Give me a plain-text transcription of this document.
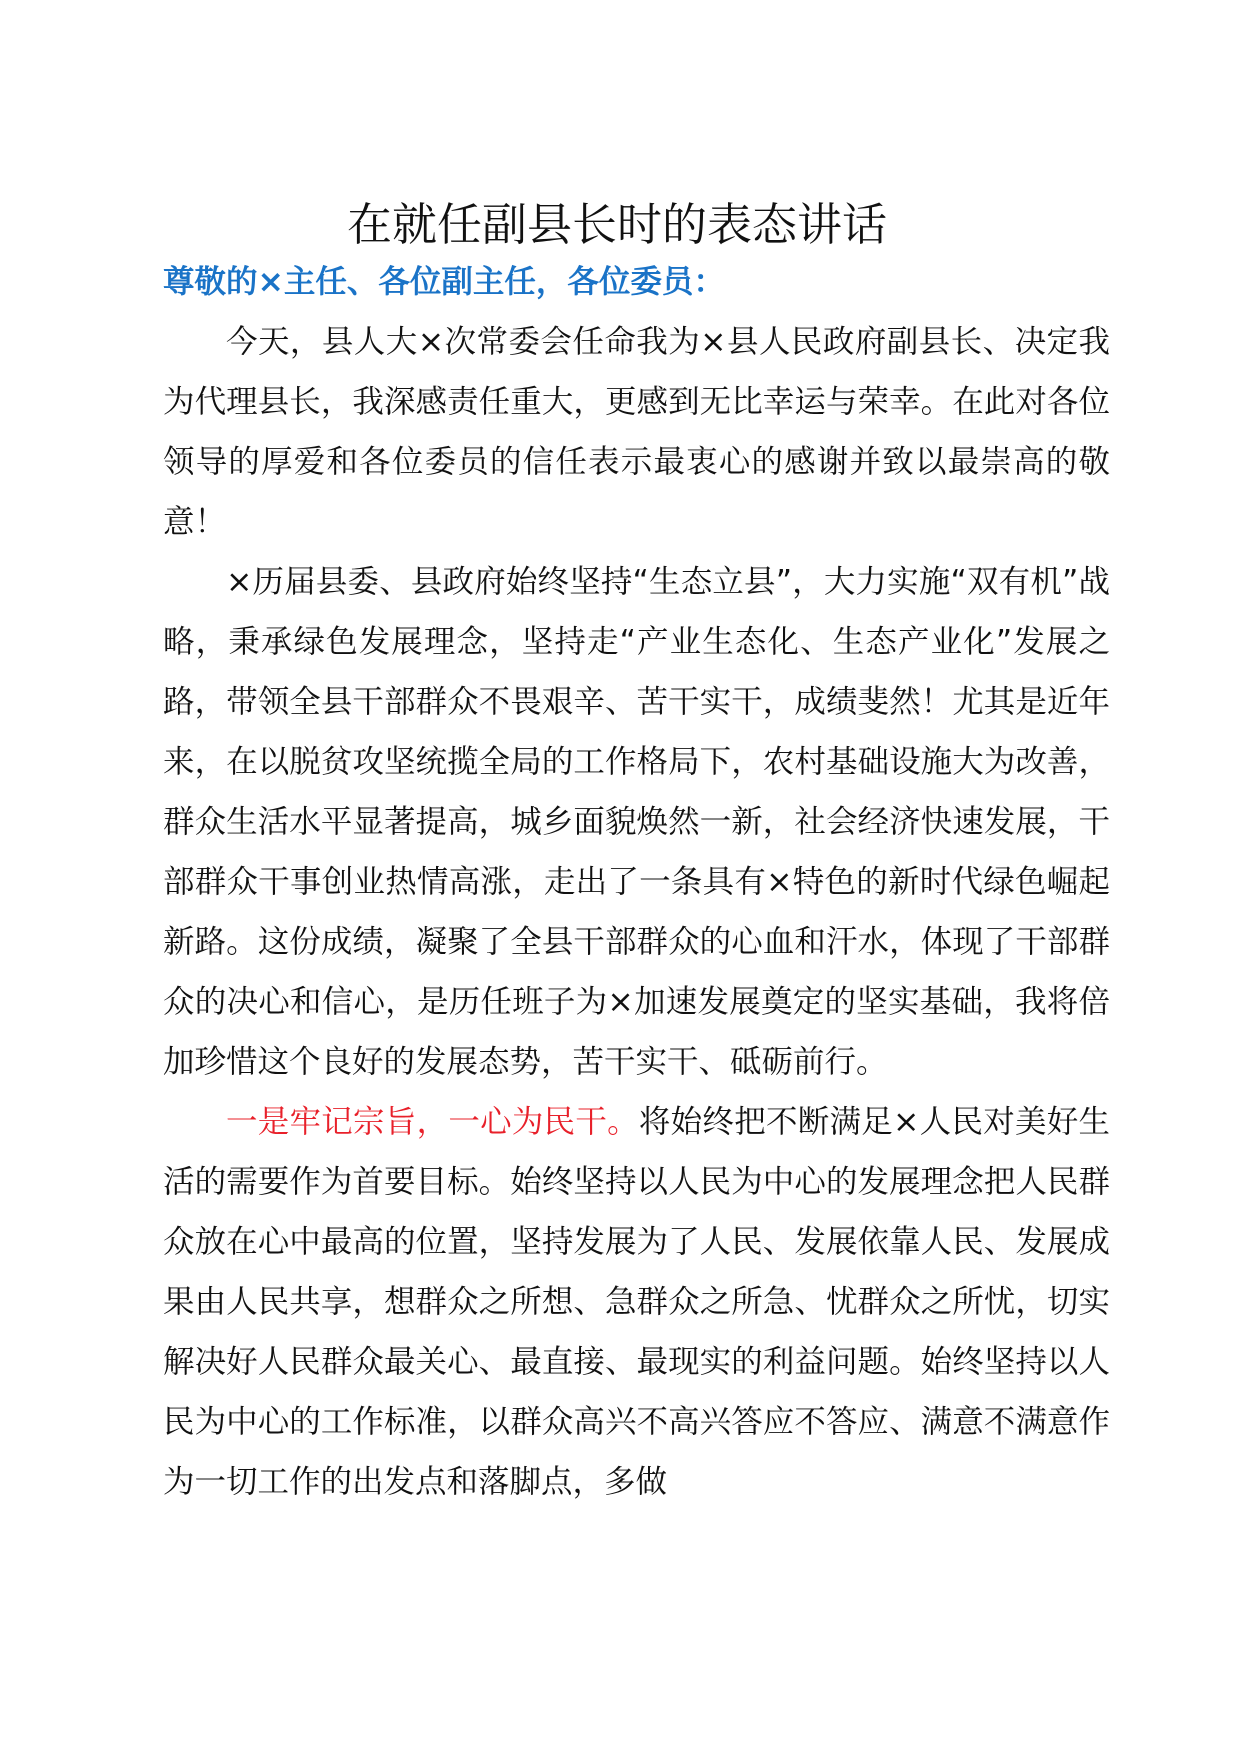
在就任副县长时的表态讲话

尊敬的×主任、各位副主任，各位委员：

今天，县人大×次常委会任命我为×县人民政府副县长、决定我为代理县长，我深感责任重大，更感到无比幸运与荣幸。在此对各位领导的厚爱和各位委员的信任表示最衷心的感谢并致以最崇高的敬意！

×历届县委、县政府始终坚持“生态立县”，大力实施“双有机”战略，秉承绿色发展理念，坚持走“产业生态化、生态产业化”发展之路，带领全县干部群众不畏艰辛、苦干实干，成绩斐然！尤其是近年来，在以脱贫攻坚统揽全局的工作格局下，农村基础设施大为改善，群众生活水平显著提高，城乡面貌焕然一新，社会经济快速发展，干部群众干事创业热情高涨，走出了一条具有×特色的新时代绿色崛起新路。这份成绩，凝聚了全县干部群众的心血和汗水，体现了干部群众的决心和信心，是历任班子为×加速发展奠定的坚实基础，我将倍加珍惜这个良好的发展态势，苦干实干、砥砺前行。

一是牢记宗旨，一心为民干。将始终把不断满足×人民对美好生活的需要作为首要目标。始终坚持以人民为中心的发展理念把人民群众放在心中最高的位置，坚持发展为了人民、发展依靠人民、发展成果由人民共享，想群众之所想、急群众之所急、忧群众之所忧，切实解决好人民群众最关心、最直接、最现实的利益问题。始终坚持以人民为中心的工作标准，以群众高兴不高兴答应不答应、满意不满意作为一切工作的出发点和落脚点，多做
